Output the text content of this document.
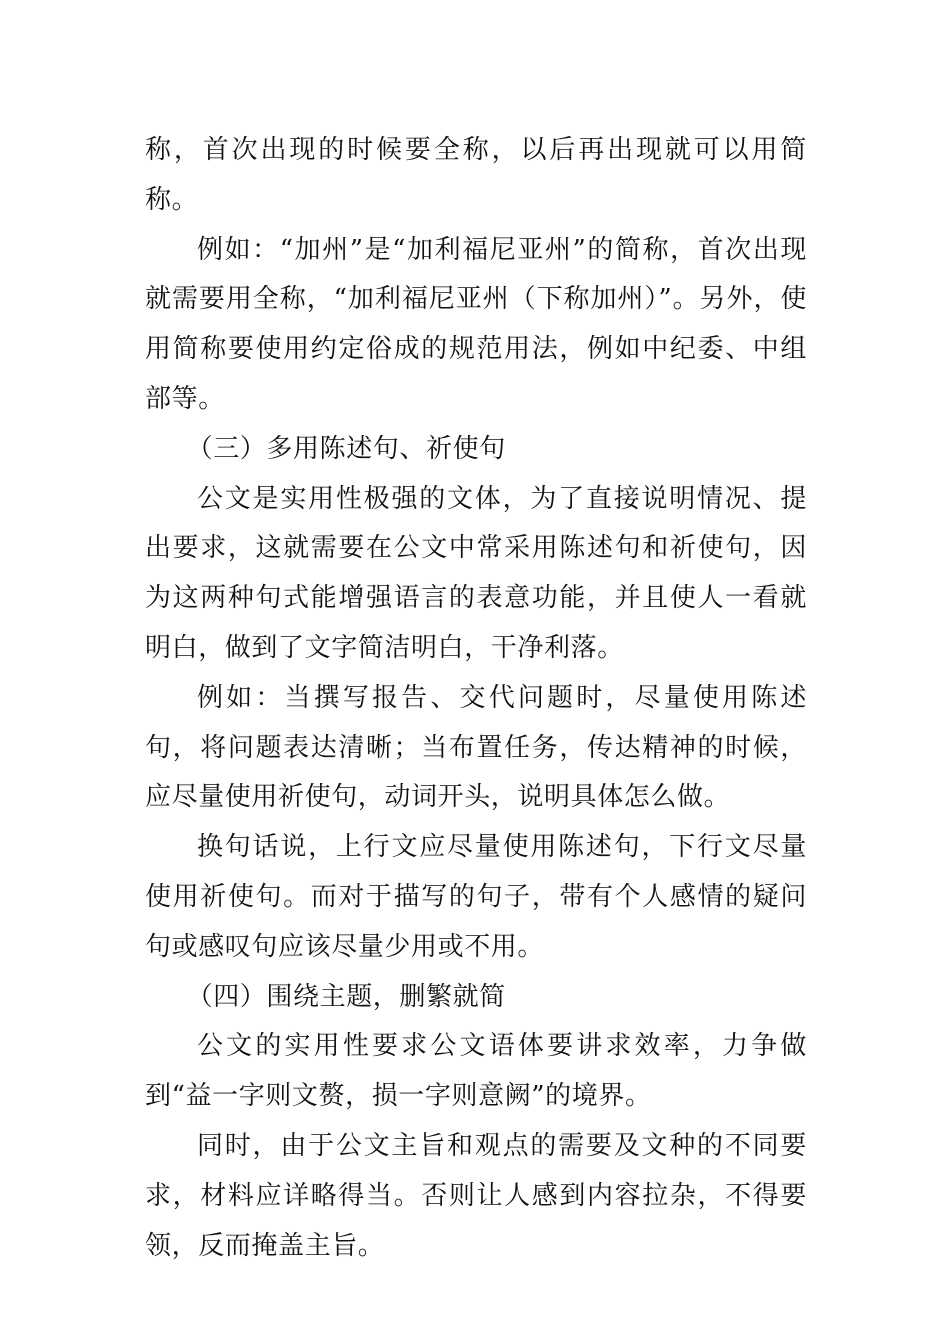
称，首次出现的时候要全称，以后再出现就可以用简称。

例如：“加州”是“加利福尼亚州”的简称，首次出现就需要用全称，“加利福尼亚州（下称加州）”。另外，使用简称要使用约定俗成的规范用法，例如中纪委、中组部等。

（三）多用陈述句、祈使句

公文是实用性极强的文体，为了直接说明情况、提出要求，这就需要在公文中常采用陈述句和祈使句，因为这两种句式能增强语言的表意功能，并且使人一看就明白，做到了文字简洁明白，干净利落。

例如：当撰写报告、交代问题时，尽量使用陈述句，将问题表达清晰；当布置任务，传达精神的时候，应尽量使用祈使句，动词开头，说明具体怎么做。

换句话说，上行文应尽量使用陈述句，下行文尽量使用祈使句。而对于描写的句子，带有个人感情的疑问句或感叹句应该尽量少用或不用。

（四）围绕主题，删繁就简

公文的实用性要求公文语体要讲求效率，力争做到“益一字则文赘，损一字则意阙”的境界。

同时，由于公文主旨和观点的需要及文种的不同要求，材料应详略得当。否则让人感到内容拉杂，不得要领，反而掩盖主旨。
